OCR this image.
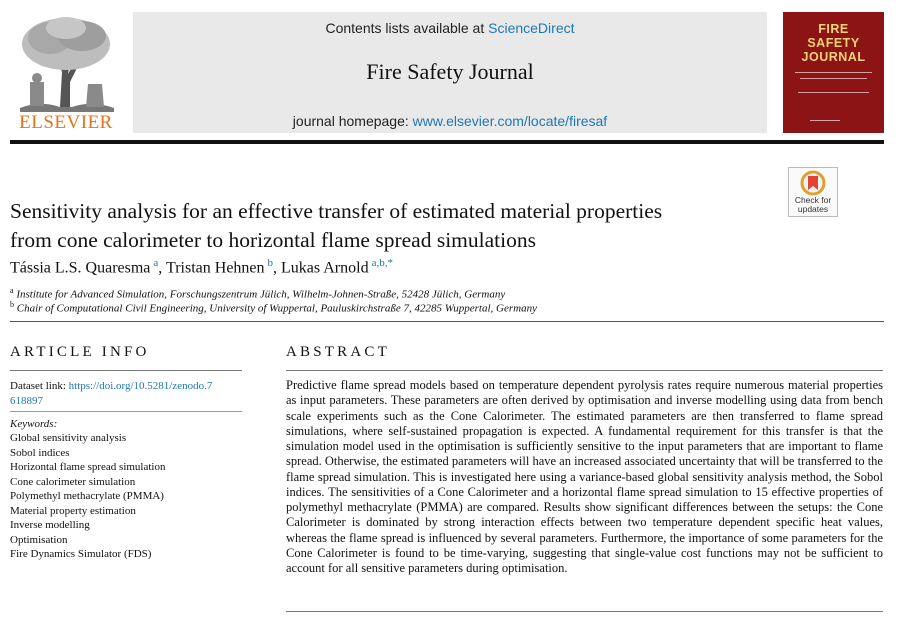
ELSEVIER
Contents lists available at ScienceDirect
Fire Safety Journal
journal homepage: www.elsevier.com/locate/firesaf
FIRE
SAFETY
JOURNAL
Check for
updates
Sensitivity analysis for an effective transfer of estimated material properties
from cone calorimeter to horizontal flame spread simulations
Tássia L.S. Quaresma $^a$, Tristan Hehnen $^b$, Lukas Arnold $^{a,b,*}$
$^a$ Institute for Advanced Simulation, Forschungszentrum Jülich, Wilhelm-Johnen-Straße, 52428 Jülich, Germany
$^b$ Chair of Computational Civil Engineering, University of Wuppertal, Pauluskirchstraße 7, 42285 Wuppertal, Germany
ARTICLE INFO
Dataset link: https://doi.org/10.5281/zenodo.7
618897
Keywords:
Global sensitivity analysis
Sobol indices
Horizontal flame spread simulation
Cone calorimeter simulation
Polymethyl methacrylate (PMMA)
Material property estimation
Inverse modelling
Optimisation
Fire Dynamics Simulator (FDS)
ABSTRACT
Predictive flame spread models based on temperature dependent pyrolysis rates require numerous material properties as input parameters. These parameters are often derived by optimisation and inverse modelling using data from bench scale experiments such as the Cone Calorimeter. The estimated parameters are then transferred to flame spread simulations, where self-sustained propagation is expected. A fundamental requirement for this transfer is that the simulation model used in the optimisation is sufficiently sensitive to the input parameters that are important to flame spread. Otherwise, the estimated parameters will have an increased associated uncertainty that will be transferred to the flame spread simulation. This is investigated here using a variance-based global sensitivity analysis method, the Sobol indices. The sensitivities of a Cone Calorimeter and a horizontal flame spread simulation to 15 effective properties of polymethyl methacrylate (PMMA) are compared. Results show significant differences between the setups: the Cone Calorimeter is dominated by strong interaction effects between two temperature dependent specific heat values, whereas the flame spread is influenced by several parameters. Furthermore, the importance of some parameters for the Cone Calorimeter is found to be time-varying, suggesting that single-value cost functions may not be sufficient to account for all sensitive parameters during optimisation.
